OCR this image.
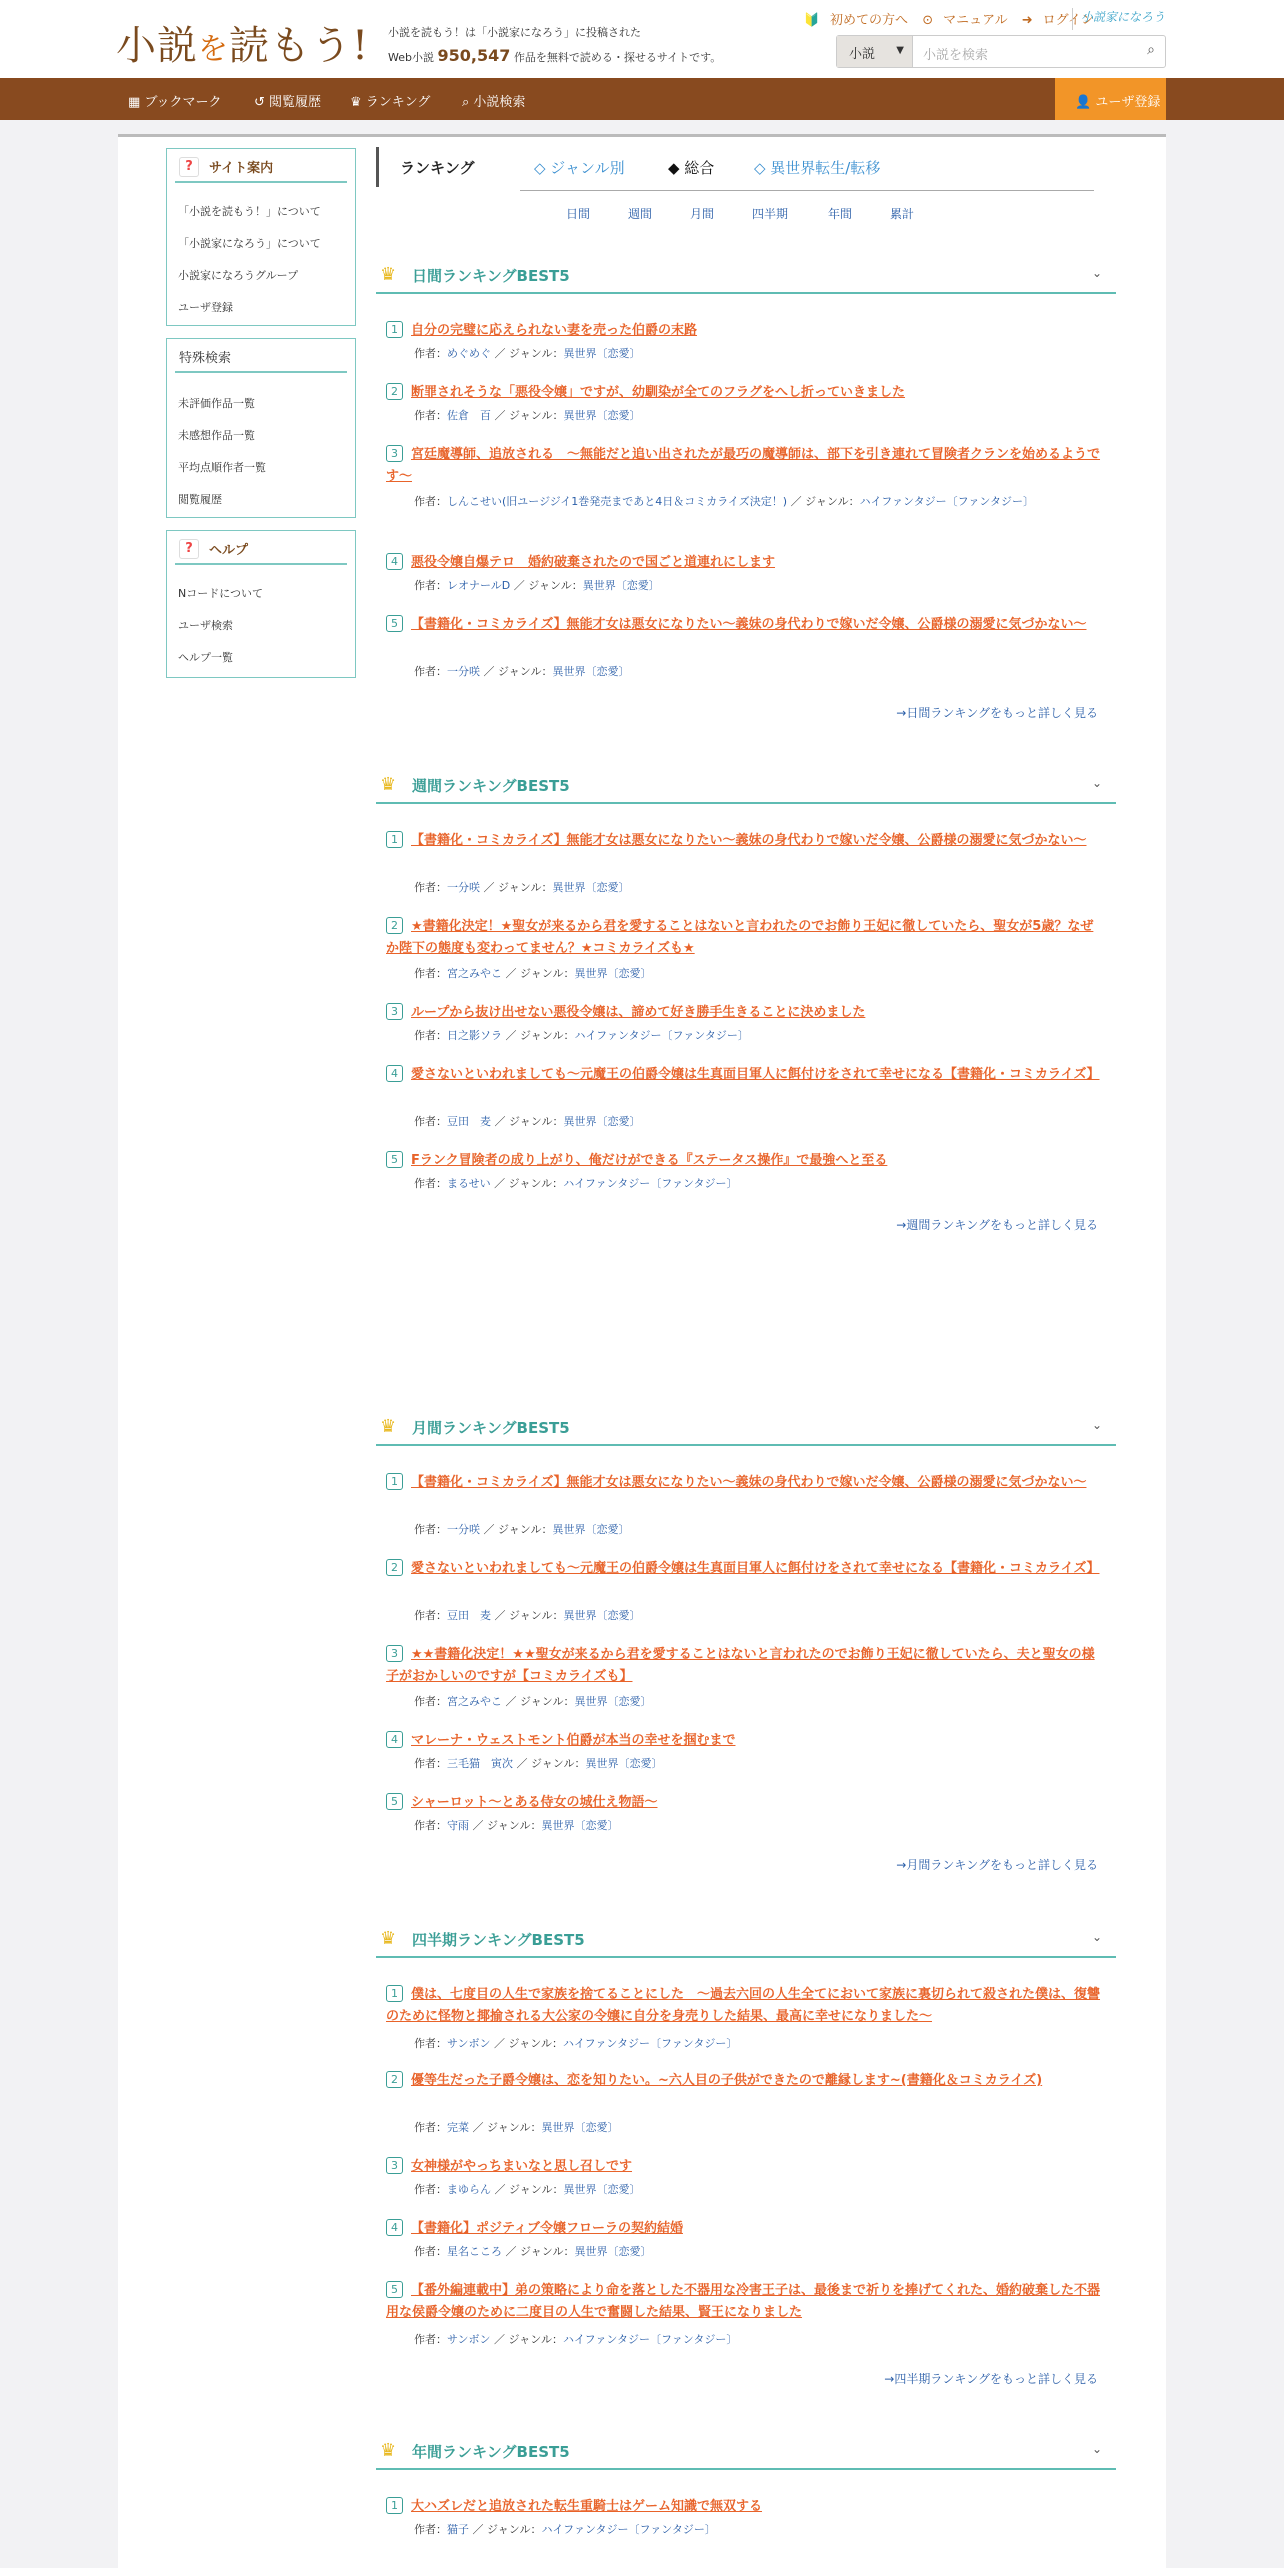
小説を読もう! 小説を読もう！は「小説家になろう」に投稿された
Web小説 950,547 作品を無料で読める・探せるサイトです。
🔰 初めての方へ ⊙ マニュアル ➜ ログイン
小説家になろう
小説 ▼ 小説を検索	⌕
▦ ブックマーク ↺ 閲覧履歴 ♛ ランキング ⌕ 小説検索	👤 ユーザ登録
?	サイト案内
「小説を読もう！」について
「小説家になろう」について
小説家になろうグループ
ユーザ登録
特殊検索
未評価作品一覧
未感想作品一覧
平均点順作者一覧
閲覧履歴
?	ヘルプ
Nコードについて
ユーザ検索
ヘルプ一覧
ランキング	◇ ジャンル別	◆ 総合	◇ 異世界転生/転移
日間	週間	月間	四半期	年間	累計
♛ 日間ランキングBEST5	⌄
1 自分の完璧に応えられない妻を売った伯爵の末路
作者：めぐめぐ ／ ジャンル：異世界〔恋愛〕
2 断罪されそうな「悪役令嬢」ですが、幼馴染が全てのフラグをへし折っていきました
作者：佐倉　百 ／ ジャンル：異世界〔恋愛〕
3 宮廷魔導師、追放される　～無能だと追い出されたが最巧の魔導師は、部下を引き連れて冒険者クランを始めるようです～
作者：しんこせい(旧ユージジイ1巻発売まであと4日＆コミカライズ決定！) ／ ジャンル：ハイファンタジー〔ファンタジー〕
4 悪役令嬢自爆テロ　婚約破棄されたので国ごと道連れにします
作者：レオナールD ／ ジャンル：異世界〔恋愛〕
5 【書籍化・コミカライズ】無能才女は悪女になりたい～義妹の身代わりで嫁いだ令嬢、公爵様の溺愛に気づかない～
作者：一分咲 ／ ジャンル：異世界〔恋愛〕
→日間ランキングをもっと詳しく見る
♛ 週間ランキングBEST5	⌄
1 【書籍化・コミカライズ】無能才女は悪女になりたい～義妹の身代わりで嫁いだ令嬢、公爵様の溺愛に気づかない～
作者：一分咲 ／ ジャンル：異世界〔恋愛〕
2 ★書籍化決定！★聖女が来るから君を愛することはないと言われたのでお飾り王妃に徹していたら、聖女が5歳？なぜか陛下の態度も変わってません？★コミカライズも★
作者：宮之みやこ ／ ジャンル：異世界〔恋愛〕
3 ループから抜け出せない悪役令嬢は、諦めて好き勝手生きることに決めました
作者：日之影ソラ ／ ジャンル：ハイファンタジー〔ファンタジー〕
4 愛さないといわれましても～元魔王の伯爵令嬢は生真面目軍人に餌付けをされて幸せになる【書籍化・コミカライズ】
作者：豆田　麦 ／ ジャンル：異世界〔恋愛〕
5 Fランク冒険者の成り上がり、俺だけができる『ステータス操作』で最強へと至る
作者：まるせい ／ ジャンル：ハイファンタジー〔ファンタジー〕
→週間ランキングをもっと詳しく見る
♛ 月間ランキングBEST5	⌄
1 【書籍化・コミカライズ】無能才女は悪女になりたい～義妹の身代わりで嫁いだ令嬢、公爵様の溺愛に気づかない～
作者：一分咲 ／ ジャンル：異世界〔恋愛〕
2 愛さないといわれましても～元魔王の伯爵令嬢は生真面目軍人に餌付けをされて幸せになる【書籍化・コミカライズ】
作者：豆田　麦 ／ ジャンル：異世界〔恋愛〕
3 ★★書籍化決定！★★聖女が来るから君を愛することはないと言われたのでお飾り王妃に徹していたら、夫と聖女の様子がおかしいのですが【コミカライズも】
作者：宮之みやこ ／ ジャンル：異世界〔恋愛〕
4 マレーナ・ウェストモント伯爵が本当の幸せを掴むまで
作者：三毛猫　寅次 ／ ジャンル：異世界〔恋愛〕
5 シャーロット～とある侍女の城仕え物語～
作者：守雨 ／ ジャンル：異世界〔恋愛〕
→月間ランキングをもっと詳しく見る
♛ 四半期ランキングBEST5	⌄
1 僕は、七度目の人生で家族を捨てることにした　～過去六回の人生全てにおいて家族に裏切られて殺された僕は、復讐のために怪物と揶揄される大公家の令嬢に自分を身売りした結果、最高に幸せになりました～
作者：サンボン ／ ジャンル：ハイファンタジー〔ファンタジー〕
2 優等生だった子爵令嬢は、恋を知りたい。~六人目の子供ができたので離縁します~(書籍化＆コミカライズ)
作者：完菜 ／ ジャンル：異世界〔恋愛〕
3 女神様がやっちまいなと思し召しです
作者：まゆらん ／ ジャンル：異世界〔恋愛〕
4 【書籍化】ポジティブ令嬢フローラの契約結婚
作者：星名こころ ／ ジャンル：異世界〔恋愛〕
5 【番外編連載中】弟の策略により命を落とした不器用な冷害王子は、最後まで祈りを捧げてくれた、婚約破棄した不器用な侯爵令嬢のために二度目の人生で奮闘した結果、賢王になりました
作者：サンボン ／ ジャンル：ハイファンタジー〔ファンタジー〕
→四半期ランキングをもっと詳しく見る
♛ 年間ランキングBEST5	⌄
1 大ハズレだと追放された転生重騎士はゲーム知識で無双する
作者：猫子 ／ ジャンル：ハイファンタジー〔ファンタジー〕
